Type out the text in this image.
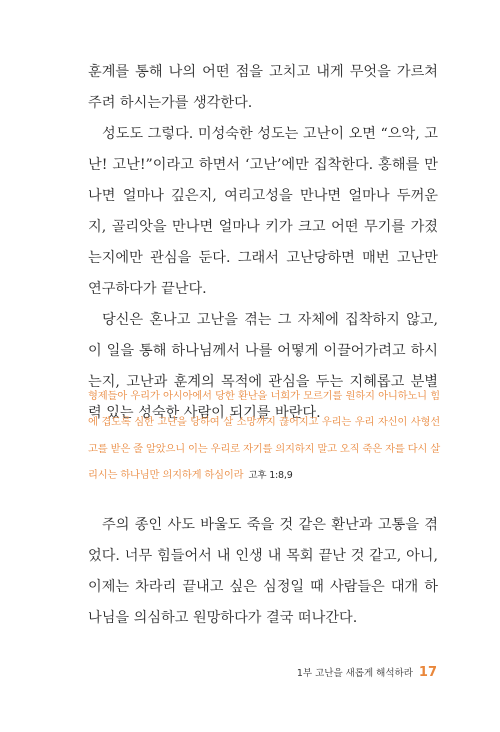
훈계를 통해 나의 어떤 점을 고치고 내게 무엇을 가르쳐주려 하시는가를 생각한다.

성도도 그렇다. 미성숙한 성도는 고난이 오면 “으악, 고난! 고난!”이라고 하면서 ‘고난’에만 집착한다. 홍해를 만나면 얼마나 깊은지, 여리고성을 만나면 얼마나 두꺼운지, 골리앗을 만나면 얼마나 키가 크고 어떤 무기를 가졌는지에만 관심을 둔다. 그래서 고난당하면 매번 고난만 연구하다가 끝난다.

당신은 혼나고 고난을 겪는 그 자체에 집착하지 않고, 이 일을 통해 하나님께서 나를 어떻게 이끌어가려고 하시는지, 고난과 훈계의 목적에 관심을 두는 지혜롭고 분별력 있는 성숙한 사람이 되기를 바란다.

형제들아 우리가 아시아에서 당한 환난을 너희가 모르기를 원하지 아니하노니 힘에 겹도록 심한 고난을 당하여 살 소망까지 끊어지고 우리는 우리 자신이 사형선고를 받은 줄 알았으니 이는 우리로 자기를 의지하지 말고 오직 죽은 자를 다시 살리시는 하나님만 의지하게 하심이라 고후 1:8,9

주의 종인 사도 바울도 죽을 것 같은 환난과 고통을 겪었다. 너무 힘들어서 내 인생 내 목회 끝난 것 같고, 아니, 이제는 차라리 끝내고 싶은 심정일 때 사람들은 대개 하나님을 의심하고 원망하다가 결국 떠나간다.

1부 고난을 새롭게 해석하라 17
